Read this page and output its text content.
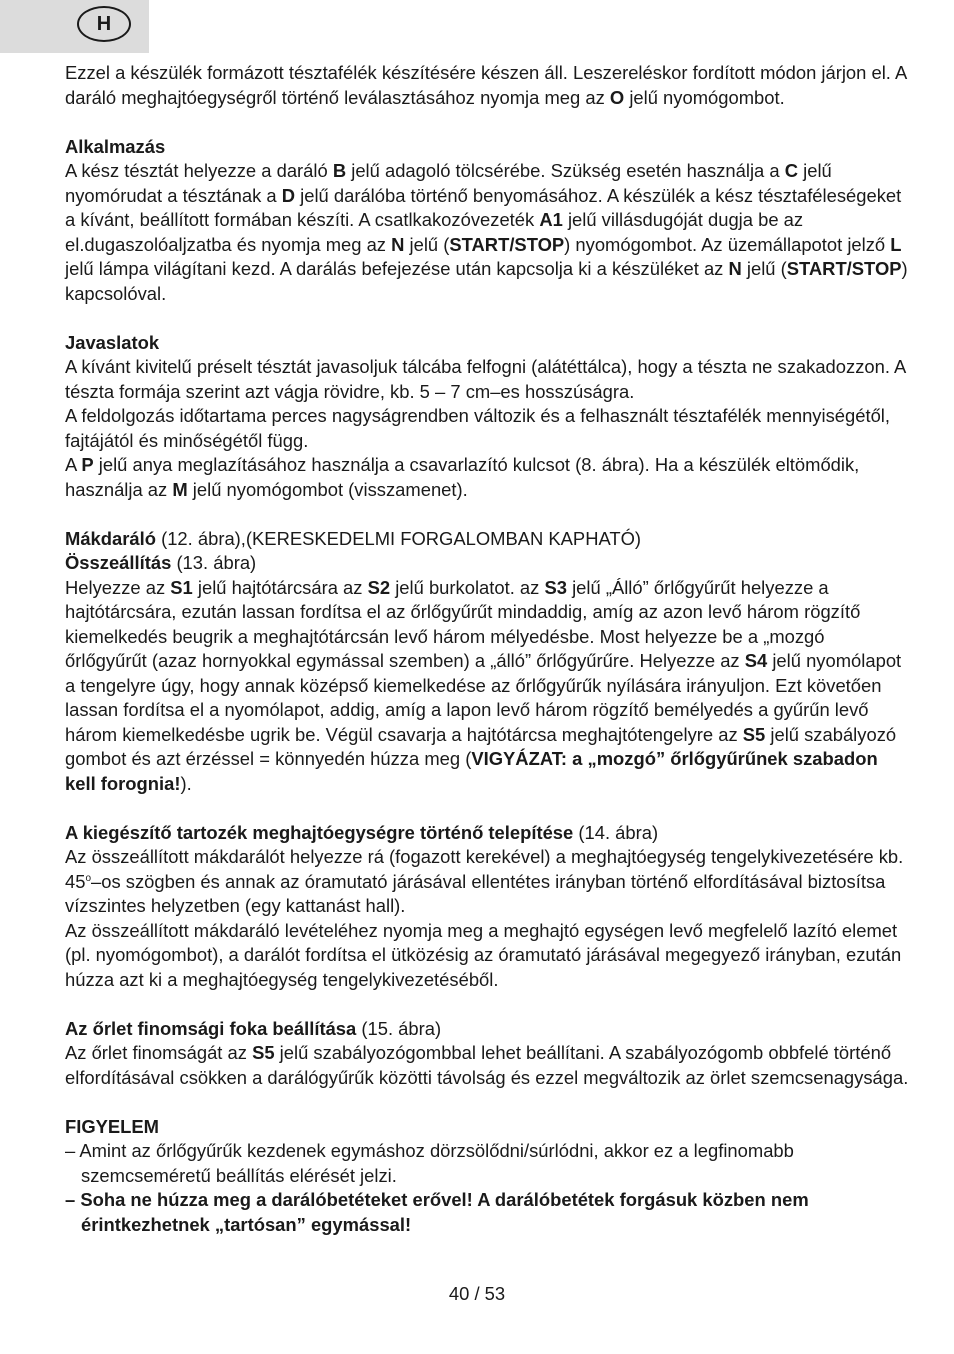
H

Ezzel a készülék formázott tésztafélék készítésére készen áll. Leszereléskor fordított módon járjon el. A daráló meghajtóegységről történő leválasztásához nyomja meg az O jelű nyomógombot.

Alkalmazás

A kész tésztát helyezze a daráló B jelű adagoló tölcsérébe. Szükség esetén használja a C jelű nyomórudat a tésztának a D jelű darálóba történő benyomásához. A készülék a kész tésztaféleségeket a kívánt, beállított formában készíti. A csatlkakozóvezeték A1 jelű villásdugóját dugja be az el.dugaszolóaljzatba és nyomja meg az N jelű (START/STOP) nyomógombot. Az üzemállapotot jelző L jelű lámpa világítani kezd. A darálás befejezése után kapcsolja ki a készüléket az N jelű (START/STOP) kapcsolóval.

Javaslatok

A kívánt kivitelű préselt tésztát javasoljuk tálcába felfogni (alátéttálca), hogy a tészta ne szakadozzon. A tészta formája szerint azt vágja rövidre, kb. 5 – 7 cm–es hosszúságra.

A feldolgozás időtartama perces nagyságrendben változik és a felhasznált tésztafélék mennyiségétől, fajtájától és minőségétől függ.

A P jelű anya meglazításához használja a csavarlazító kulcsot (8. ábra). Ha a készülék eltömődik, használja az M jelű nyomógombot (visszamenet).

Mákdaráló (12. ábra),(KERESKEDELMI FORGALOMBAN KAPHATÓ)

Összeállítás (13. ábra)

Helyezze az S1 jelű hajtótárcsára az S2 jelű burkolatot. az S3 jelű „Álló” őrlőgyűrűt helyezze a hajtótárcsára, ezután lassan fordítsa el az őrlőgyűrűt mindaddig, amíg az azon levő három rögzítő kiemelkedés beugrik a meghajtótárcsán levő három mélyedésbe. Most helyezze be a „mozgó őrlőgyűrűt (azaz hornyokkal egymással szemben) a „álló” őrlőgyűrűre. Helyezze az S4 jelű nyomólapot a tengelyre úgy, hogy annak középső kiemelkedése az őrlőgyűrűk nyílására irányuljon. Ezt követően lassan fordítsa el a nyomólapot, addig, amíg a lapon levő három rögzítő bemélyedés a gyűrűn levő három kiemelkedésbe ugrik be. Végül csavarja a hajtótárcsa meghajtótengelyre az S5 jelű szabályozó gombot és azt érzéssel = könnyedén húzza meg (VIGYÁZAT: a „mozgó” őrlőgyűrűnek szabadon kell forognia!).

A kiegészítő tartozék meghajtóegységre történő telepítése (14. ábra)

Az összeállított mákdarálót helyezze rá (fogazott kerekével) a meghajtóegység tengelykivezetésére kb. 45$^o$–os szögben és annak az óramutató járásával ellentétes irányban történő elfordításával biztosítsa vízszintes helyzetben (egy kattanást hall).

Az összeállított mákdaráló levételéhez nyomja meg a meghajtó egységen levő megfelelő lazító elemet (pl. nyomógombot), a darálót fordítsa el ütközésig az óramutató járásával megegyező irányban, ezután húzza azt ki a meghajtóegység tengelykivezetéséből.

Az őrlet finomsági foka beállítása (15. ábra)

Az őrlet finomságát az S5 jelű szabályozógombbal lehet beállítani. A szabályozógomb obbfelé történő elfordításával csökken a darálógyűrűk közötti távolság és ezzel megváltozik az örlet szemcsenagysága.

FIGYELEM

– Amint az őrlőgyűrűk kezdenek egymáshoz dörzsölődni/súrlódni, akkor ez a legfinomabb szemcseméretű beállítás elérését jelzi.

– Soha ne húzza meg a darálóbetéteket erővel! A darálóbetétek forgásuk közben nem érintkezhetnek „tartósan” egymással!

40 / 53
